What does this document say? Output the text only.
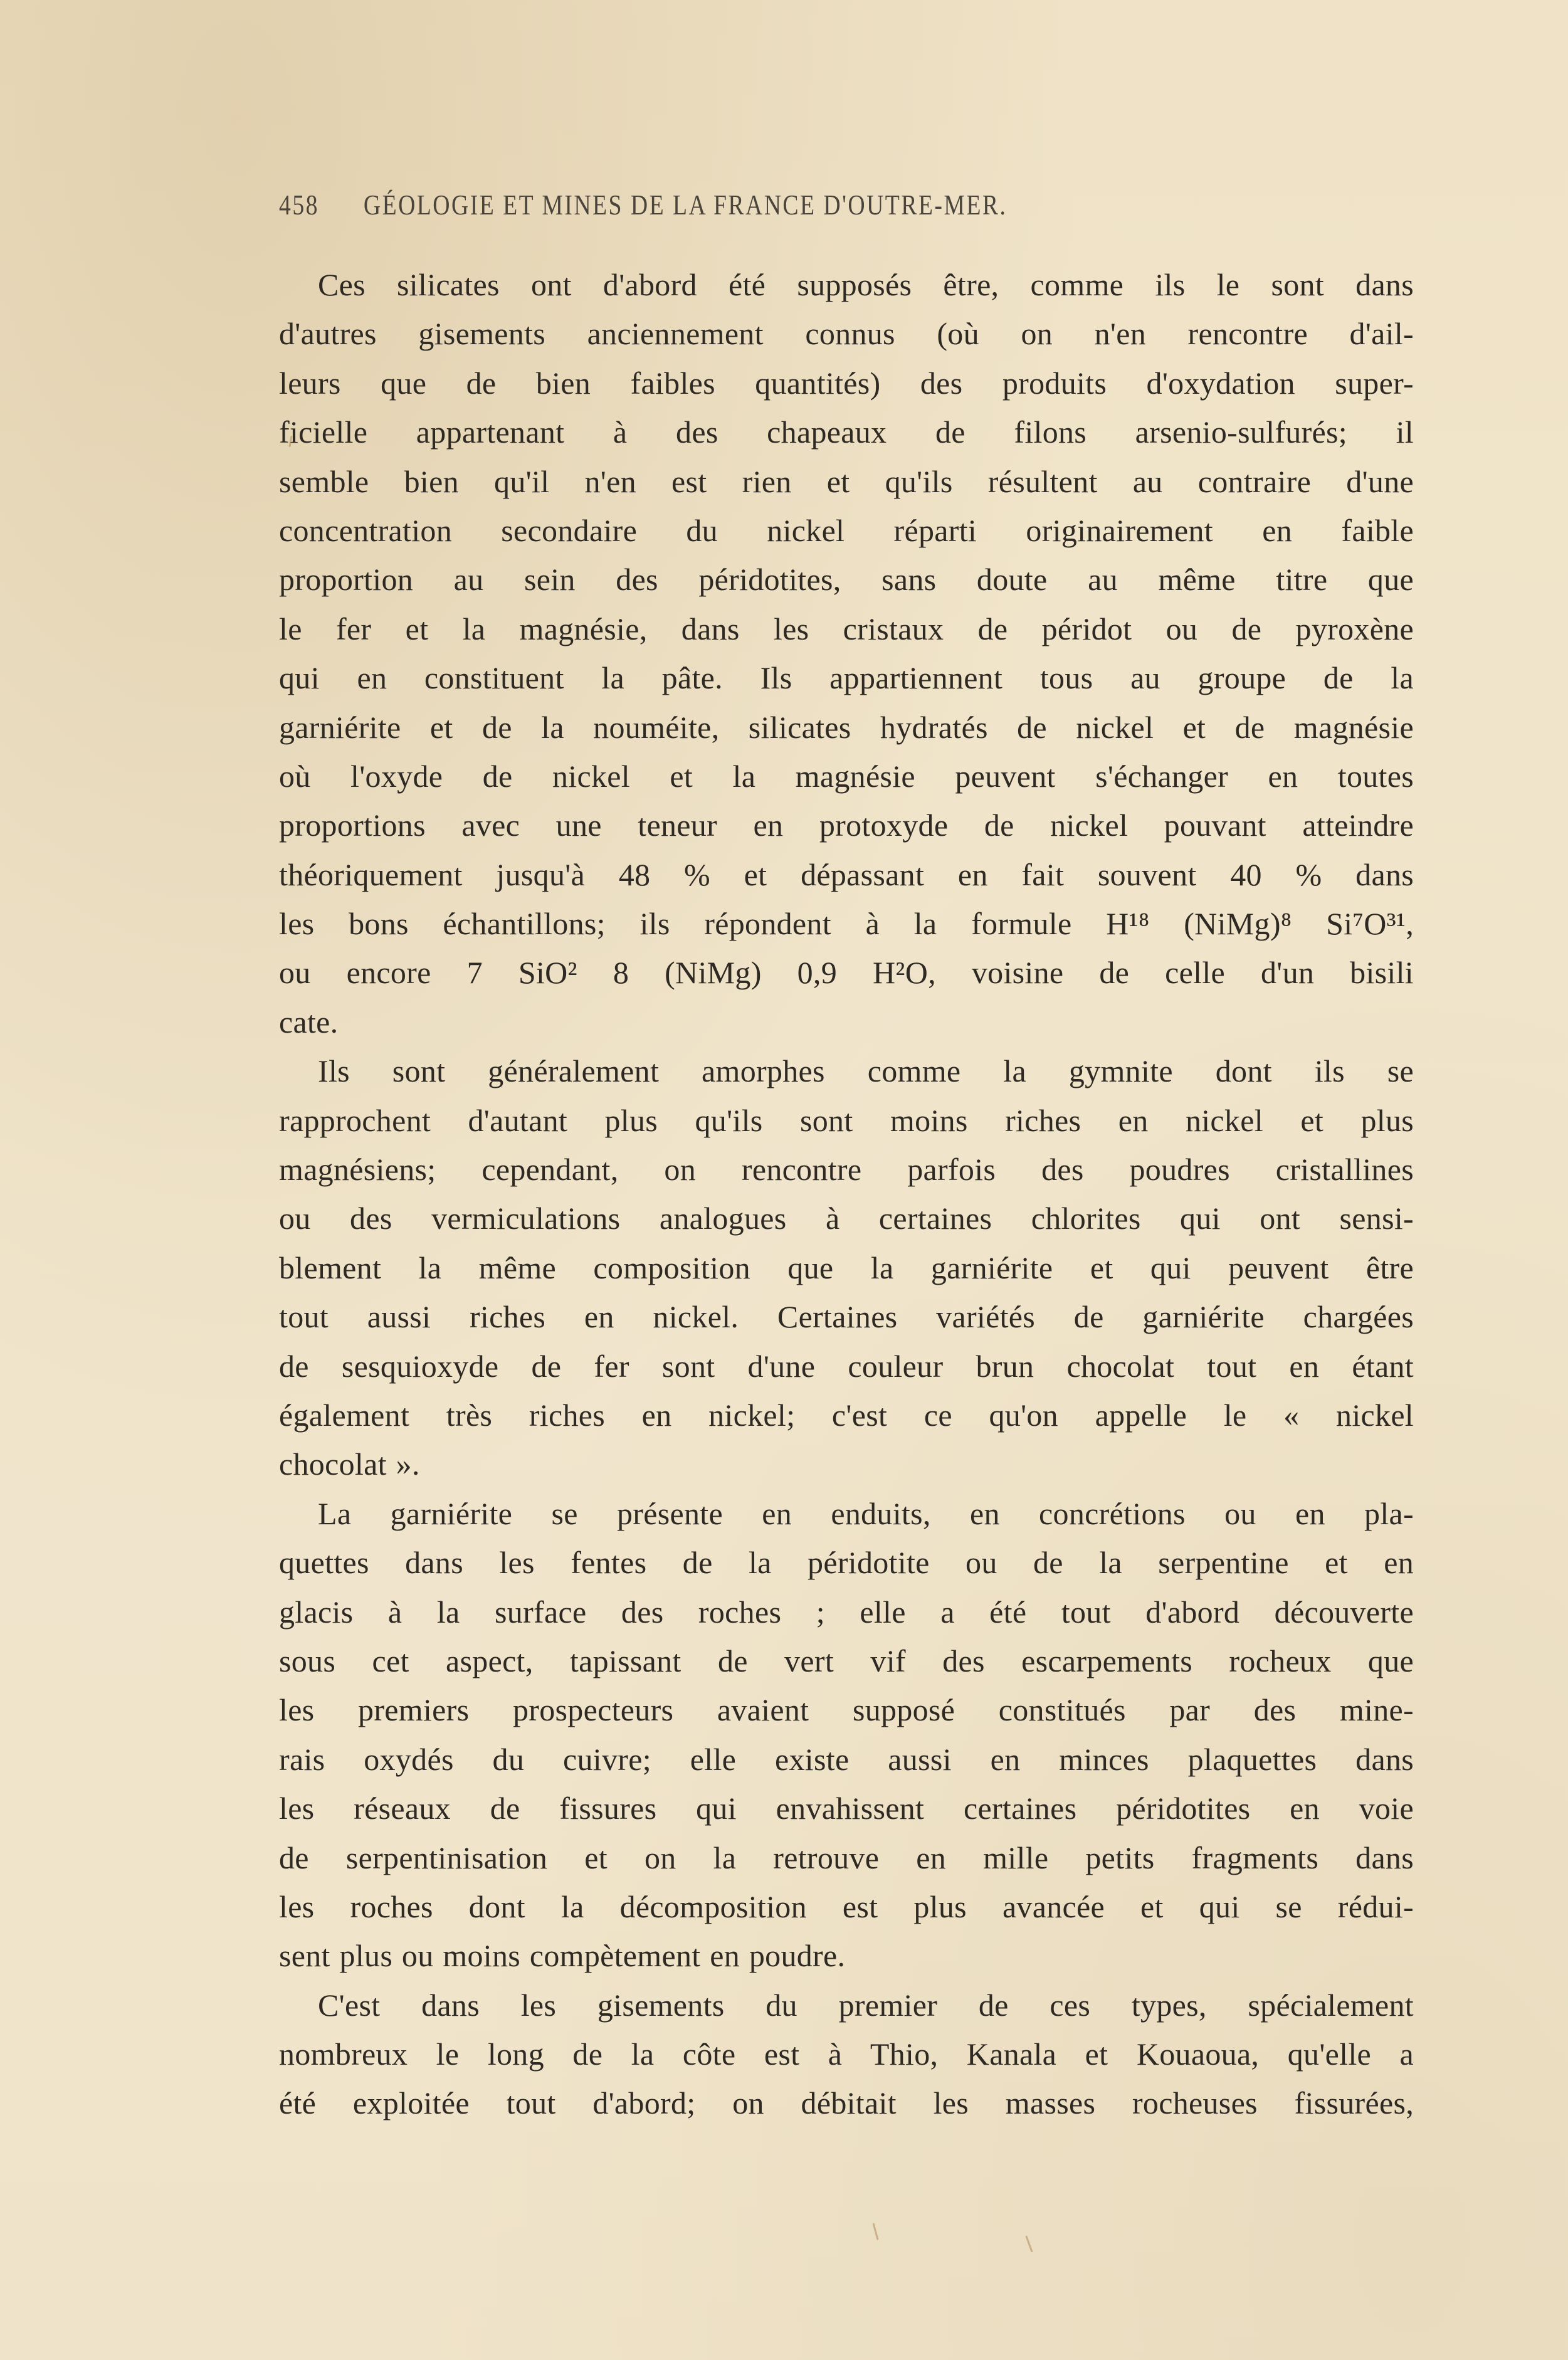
458 GÉOLOGIE ET MINES DE LA FRANCE D'OUTRE-MER.
Ces silicates ont d'abord été supposés être, comme ils le sont dans
d'autres gisements anciennement connus (où on n'en rencontre d'ail-
leurs que de bien faibles quantités) des produits d'oxydation super-
ficielle appartenant à des chapeaux de filons arsenio-sulfurés; il
semble bien qu'il n'en est rien et qu'ils résultent au contraire d'une
concentration secondaire du nickel réparti originairement en faible
proportion au sein des péridotites, sans doute au même titre que
le fer et la magnésie, dans les cristaux de péridot ou de pyroxène
qui en constituent la pâte. Ils appartiennent tous au groupe de la
garniérite et de la nouméite, silicates hydratés de nickel et de magnésie
où l'oxyde de nickel et la magnésie peuvent s'échanger en toutes
proportions avec une teneur en protoxyde de nickel pouvant atteindre
théoriquement jusqu'à 48 % et dépassant en fait souvent 40 % dans
les bons échantillons; ils répondent à la formule H¹⁸ (NiMg)⁸ Si⁷O³¹,
ou encore 7 SiO² 8 (NiMg) 0,9 H²O, voisine de celle d'un bisili
cate.
Ils sont généralement amorphes comme la gymnite dont ils se
rapprochent d'autant plus qu'ils sont moins riches en nickel et plus
magnésiens; cependant, on rencontre parfois des poudres cristallines
ou des vermiculations analogues à certaines chlorites qui ont sensi-
blement la même composition que la garniérite et qui peuvent être
tout aussi riches en nickel. Certaines variétés de garniérite chargées
de sesquioxyde de fer sont d'une couleur brun chocolat tout en étant
également très riches en nickel; c'est ce qu'on appelle le « nickel
chocolat ».
La garniérite se présente en enduits, en concrétions ou en pla-
quettes dans les fentes de la péridotite ou de la serpentine et en
glacis à la surface des roches ; elle a été tout d'abord découverte
sous cet aspect, tapissant de vert vif des escarpements rocheux que
les premiers prospecteurs avaient supposé constitués par des mine-
rais oxydés du cuivre; elle existe aussi en minces plaquettes dans
les réseaux de fissures qui envahissent certaines péridotites en voie
de serpentinisation et on la retrouve en mille petits fragments dans
les roches dont la décomposition est plus avancée et qui se rédui-
sent plus ou moins compètement en poudre.
C'est dans les gisements du premier de ces types, spécialement
nombreux le long de la côte est à Thio, Kanala et Kouaoua, qu'elle a
été exploitée tout d'abord; on débitait les masses rocheuses fissurées,
